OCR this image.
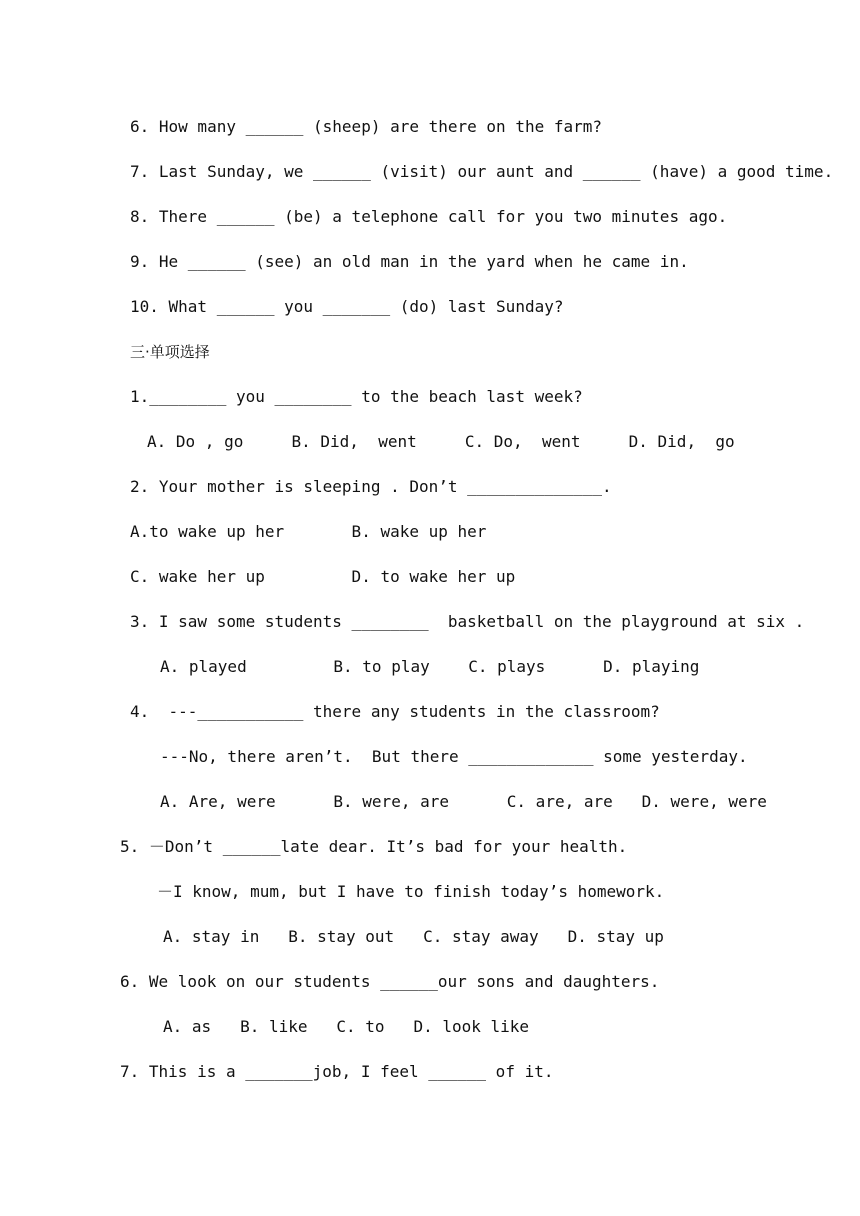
6. How many ______ (sheep) are there on the farm?
7. Last Sunday, we ______ (visit) our aunt and ______ (have) a good time.
8. There ______ (be) a telephone call for you two minutes ago.
9. He ______ (see) an old man in the yard when he came in.
10. What ______ you _______ (do) last Sunday?
三·单项选择
1.________ you ________ to the beach last week?
A. Do , go     B. Did,  went     C. Do,  went     D. Did,  go
2. Your mother is sleeping . Don’t ______________.
A.to wake up her       B. wake up her
C. wake her up         D. to wake her up
3. I saw some students ________  basketball on the playground at six .
A. played         B. to play    C. plays      D. playing
4.  ---___________ there any students in the classroom?
---No, there aren’t.  But there _____________ some yesterday.
A. Are, were      B. were, are      C. are, are   D. were, were
5. －Don’t ______late dear. It’s bad for your health.
－I know, mum, but I have to finish today’s homework.
A. stay in   B. stay out   C. stay away   D. stay up
6. We look on our students ______our sons and daughters.
A. as   B. like   C. to   D. look like
7. This is a _______job, I feel ______ of it.
